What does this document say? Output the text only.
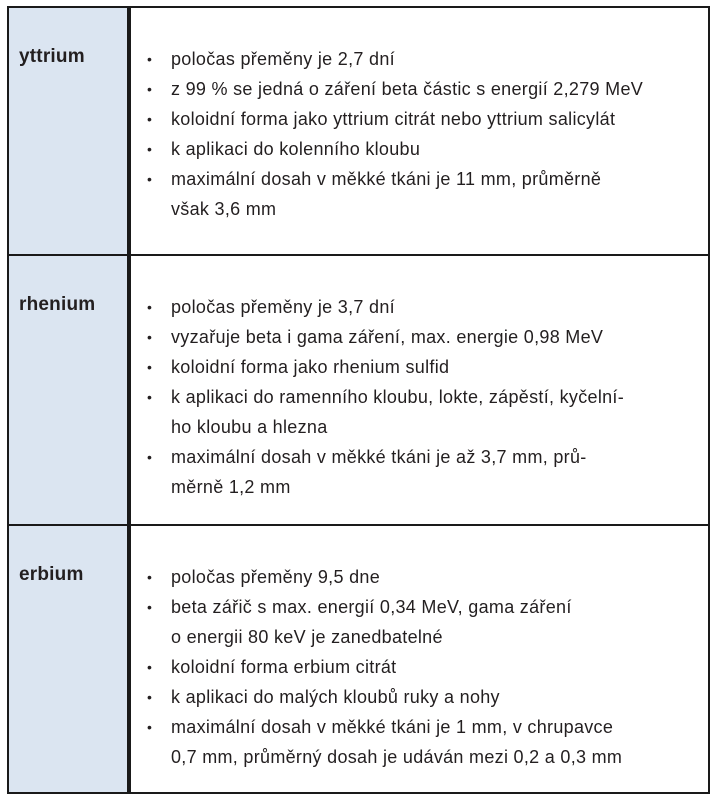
yttrium	•	poločas přeměny je 2,7 dní
•	z 99 % se jedná o záření beta částic s energií 2,279 MeV
•	koloidní forma jako yttrium citrát nebo yttrium salicylát
•	k aplikaci do kolenního kloubu
•	maximální dosah v měkké tkáni je 11 mm, průměrně
však 3,6 mm
rhenium	•	poločas přeměny je 3,7 dní
•	vyzařuje beta i gama záření, max. energie 0,98 MeV
•	koloidní forma jako rhenium sulfid
•	k aplikaci do ramenního kloubu, lokte, zápěstí, kyčelní-
ho kloubu a hlezna
•	maximální dosah v měkké tkáni je až 3,7 mm, prů-
měrně 1,2 mm
erbium	•	poločas přeměny 9,5 dne
•	beta zářič s max. energií 0,34 MeV, gama záření
o energii 80 keV je zanedbatelné
•	koloidní forma erbium citrát
•	k aplikaci do malých kloubů ruky a nohy
•	maximální dosah v měkké tkáni je 1 mm, v chrupavce
0,7 mm, průměrný dosah je udáván mezi 0,2 a 0,3 mm
